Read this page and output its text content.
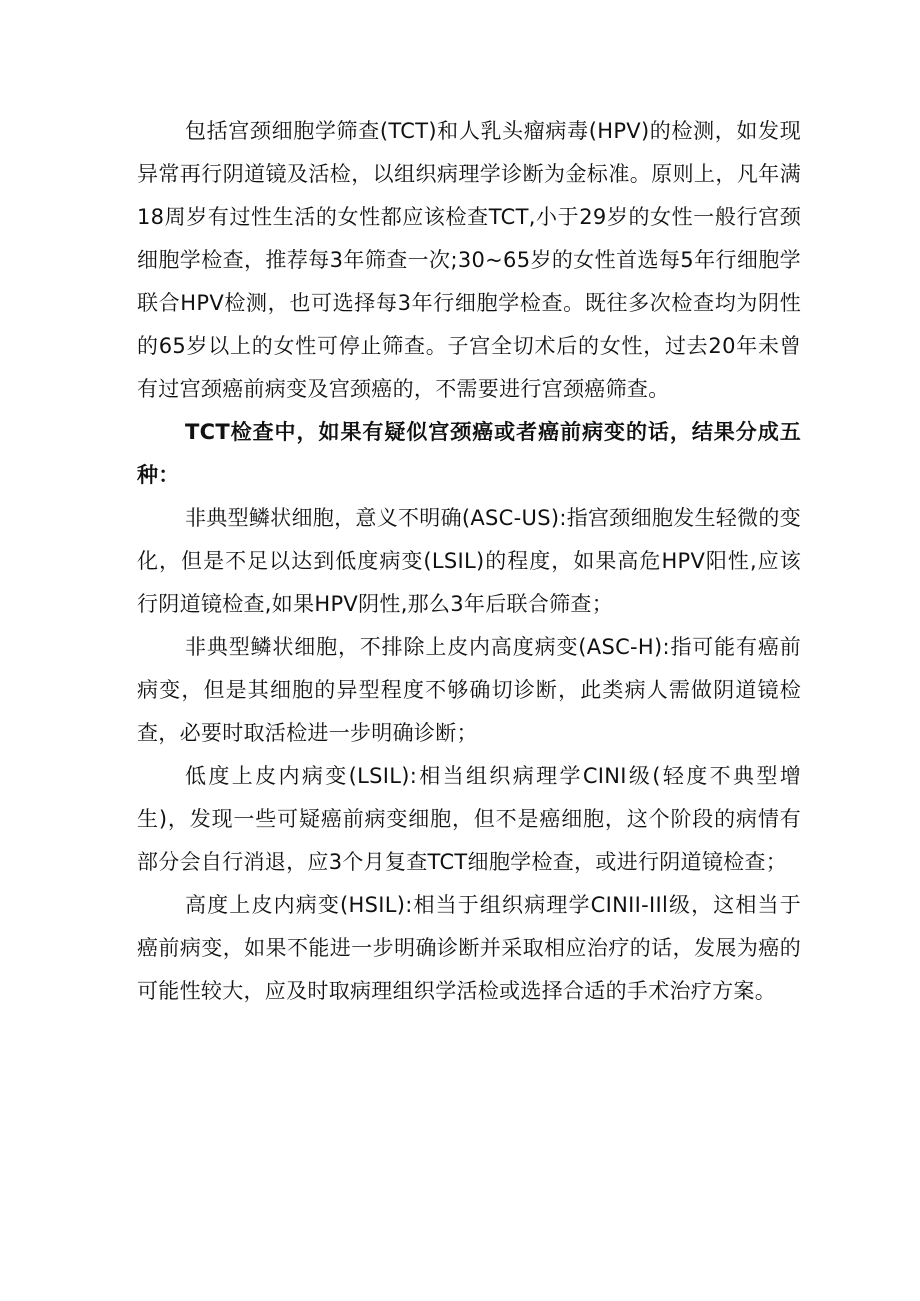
包括宫颈细胞学筛查(TCT)和人乳头瘤病毒(HPV)的检测，如发现异常再行阴道镜及活检，以组织病理学诊断为金标准。原则上，凡年满18周岁有过性生活的女性都应该检查TCT,小于29岁的女性一般行宫颈细胞学检查，推荐每3年筛查一次;30~65岁的女性首选每5年行细胞学联合HPV检测，也可选择每3年行细胞学检查。既往多次检查均为阴性的65岁以上的女性可停止筛查。子宫全切术后的女性，过去20年未曾有过宫颈癌前病变及宫颈癌的，不需要进行宫颈癌筛查。

TCT检查中，如果有疑似宫颈癌或者癌前病变的话，结果分成五种：

非典型鳞状细胞，意义不明确(ASC-US):指宫颈细胞发生轻微的变化，但是不足以达到低度病变(LSIL)的程度，如果高危HPV阳性,应该行阴道镜检查,如果HPV阴性,那么3年后联合筛查；

非典型鳞状细胞，不排除上皮内高度病变(ASC-H):指可能有癌前病变，但是其细胞的异型程度不够确切诊断，此类病人需做阴道镜检查，必要时取活检进一步明确诊断；

低度上皮内病变(LSIL):相当组织病理学CINI级(轻度不典型增生)，发现一些可疑癌前病变细胞，但不是癌细胞，这个阶段的病情有部分会自行消退，应3个月复查TCT细胞学检查，或进行阴道镜检查；

高度上皮内病变(HSIL):相当于组织病理学CINII-IIl级，这相当于癌前病变，如果不能进一步明确诊断并采取相应治疗的话，发展为癌的可能性较大，应及时取病理组织学活检或选择合适的手术治疗方案。
